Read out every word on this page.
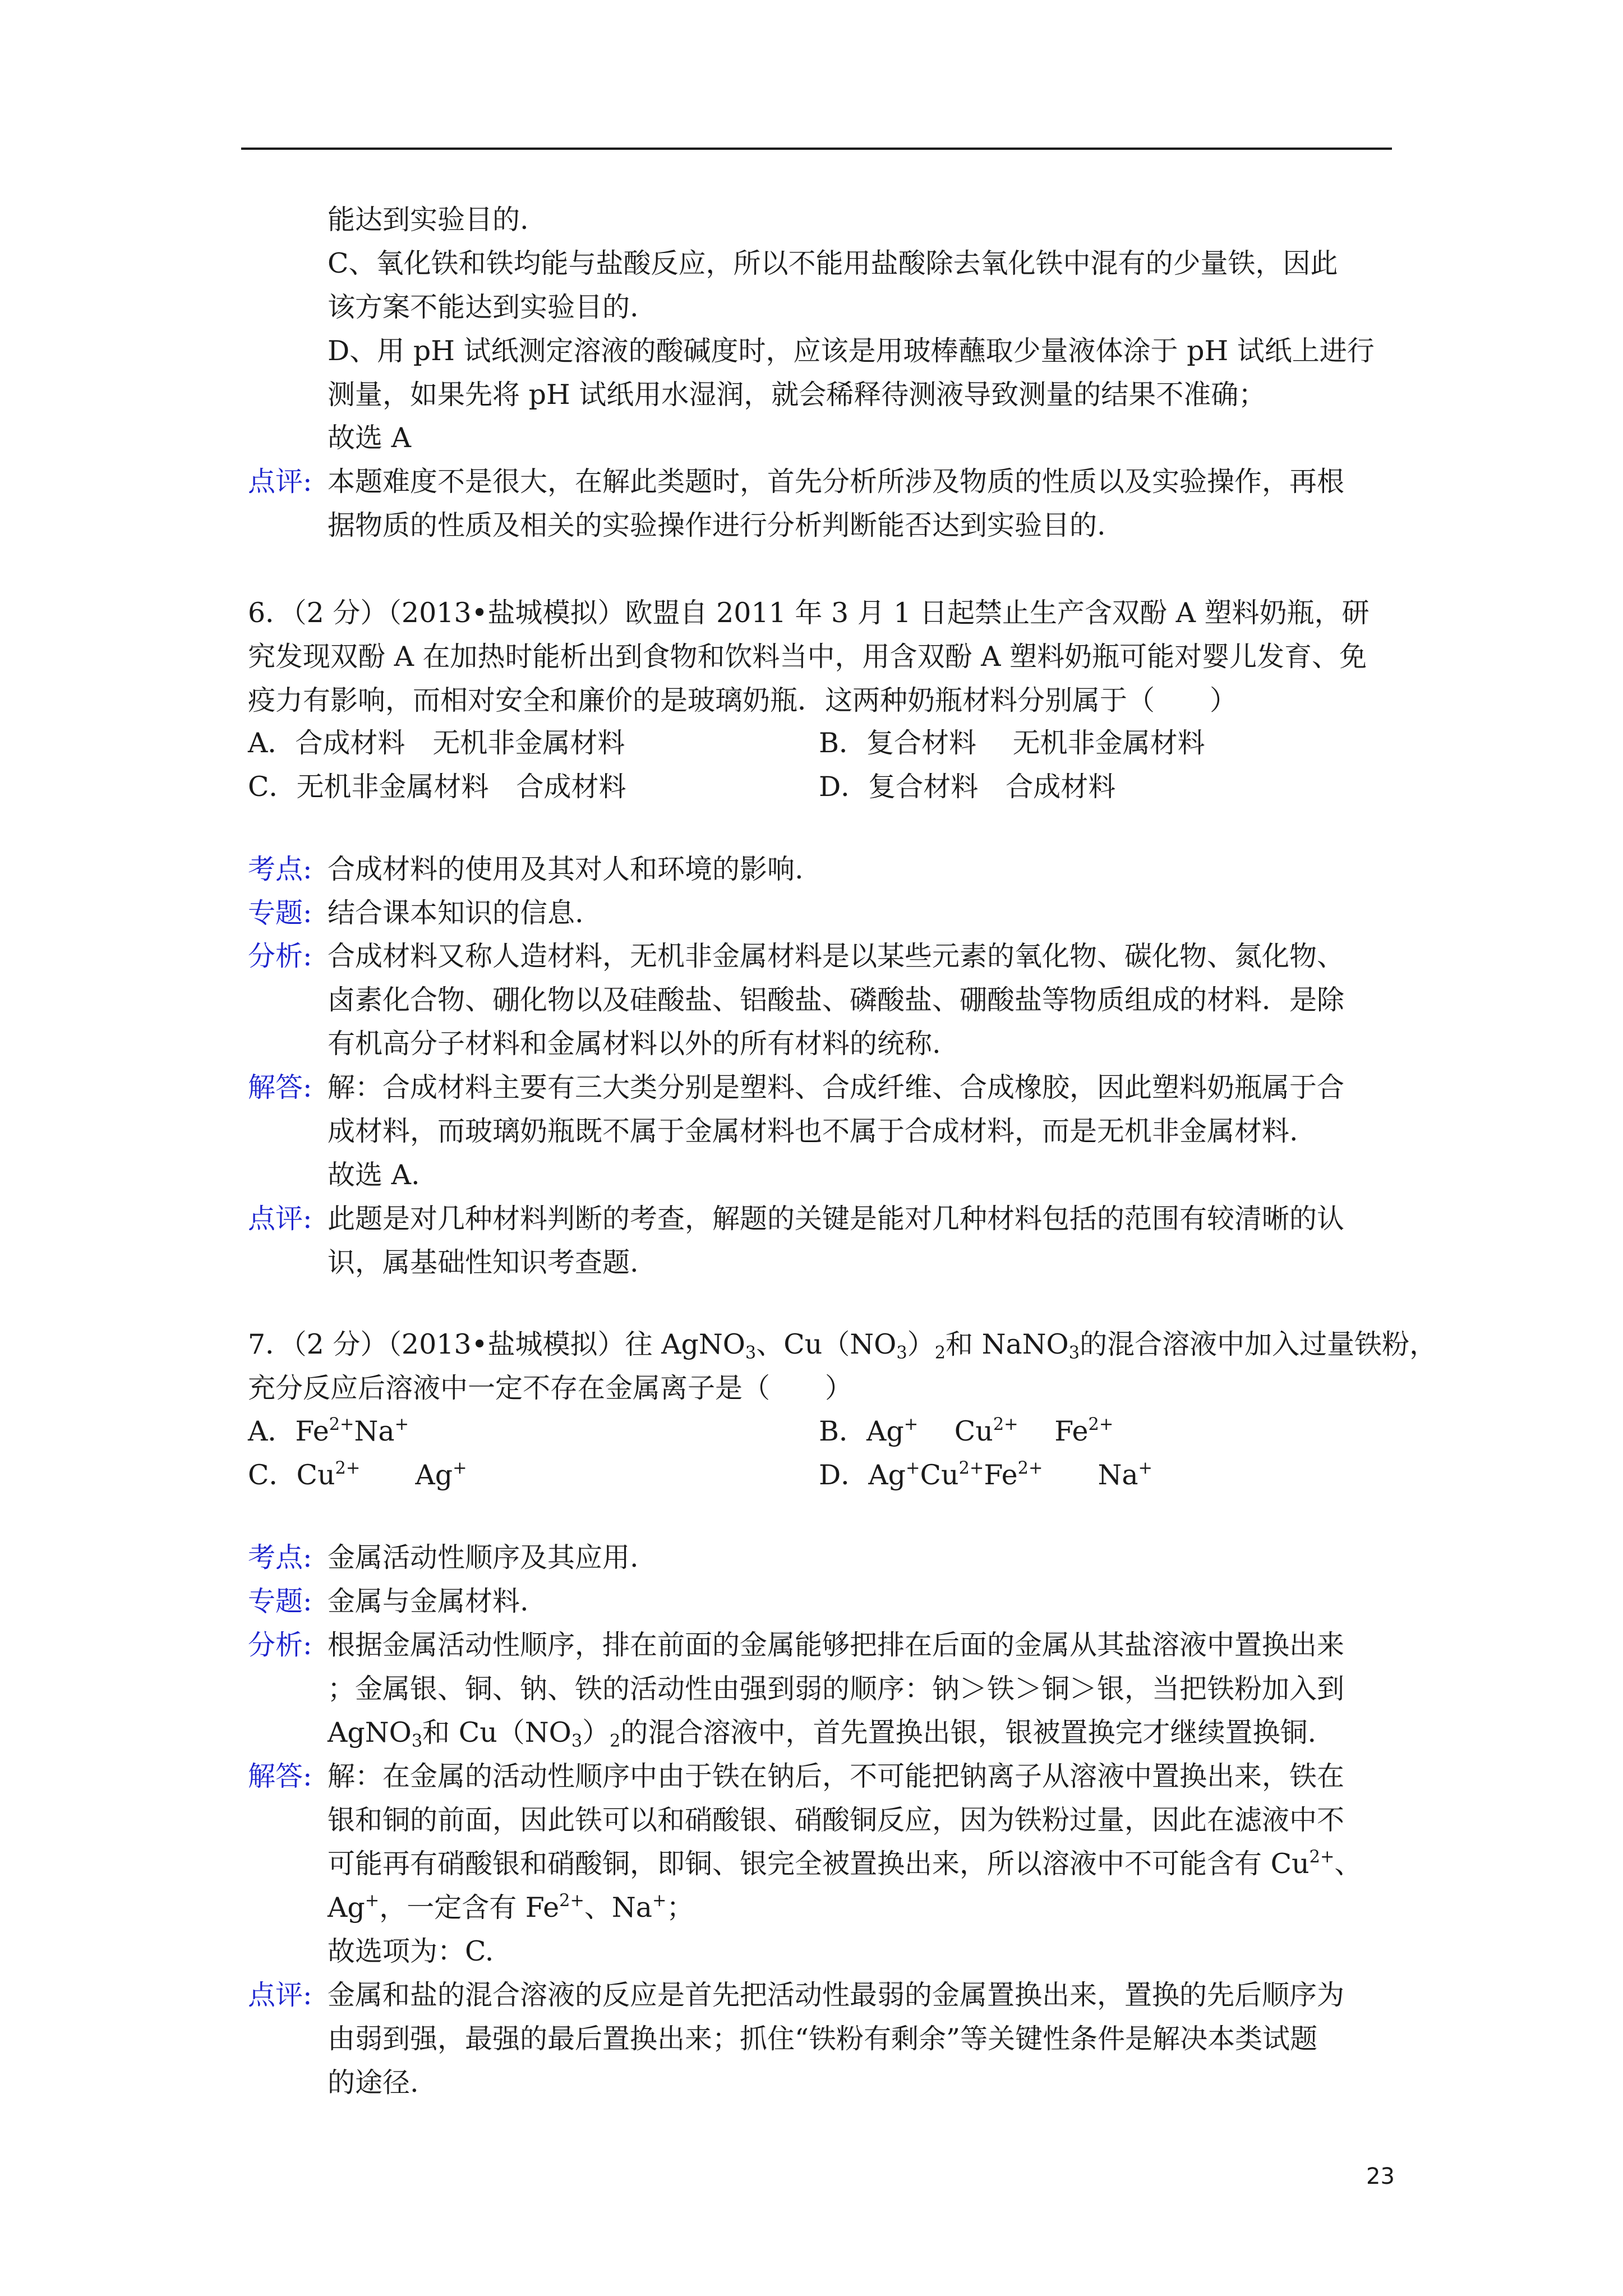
能达到实验目的.
C、氧化铁和铁均能与盐酸反应，所以不能用盐酸除去氧化铁中混有的少量铁，因此
该方案不能达到实验目的.
D、用 pH 试纸测定溶液的酸碱度时，应该是用玻棒蘸取少量液体涂于 pH 试纸上进行
测量，如果先将 pH 试纸用水湿润，就会稀释待测液导致测量的结果不准确；
故选 A
点评: 本题难度不是很大，在解此类题时，首先分析所涉及物质的性质以及实验操作，再根
据物质的性质及相关的实验操作进行分析判断能否达到实验目的.
6．（2 分）（2013•盐城模拟）欧盟自 2011 年 3 月 1 日起禁止生产含双酚 A 塑料奶瓶，研
究发现双酚 A 在加热时能析出到食物和饮料当中，用含双酚 A 塑料奶瓶可能对婴儿发育、免
疫力有影响，而相对安全和廉价的是玻璃奶瓶．这两种奶瓶材料分别属于（　　）
A．合成材料　无机非金属材料	B．复合材料　 无机非金属材料
C．无机非金属材料　合成材料	D．复合材料　合成材料
考点: 合成材料的使用及其对人和环境的影响.
专题: 结合课本知识的信息.
分析: 合成材料又称人造材料，无机非金属材料是以某些元素的氧化物、碳化物、氮化物、
卤素化合物、硼化物以及硅酸盐、铝酸盐、磷酸盐、硼酸盐等物质组成的材料．是除
有机高分子材料和金属材料以外的所有材料的统称.
解答: 解：合成材料主要有三大类分别是塑料、合成纤维、合成橡胶，因此塑料奶瓶属于合
成材料，而玻璃奶瓶既不属于金属材料也不属于合成材料，而是无机非金属材料.
故选 A.
点评: 此题是对几种材料判断的考查，解题的关键是能对几种材料包括的范围有较清晰的认
识，属基础性知识考查题.
7．（2 分）（2013•盐城模拟）往 AgNO$_3$、$Cu(NO_3)_2$和 NaNO$_3$的混合溶液中加入过量铁粉，
充分反应后溶液中一定不存在金属离子是（　　）
A．$Fe^{2+}Na^+$	B．Ag+　 $Cu^{2+}$　 $Fe^{2+}$
C．$Cu^{2+}$　　Ag+	D．$Ag^+Cu^{2+}Fe^{2+}$　　Na+
考点: 金属活动性顺序及其应用.
专题: 金属与金属材料.
分析: 根据金属活动性顺序，排在前面的金属能够把排在后面的金属从其盐溶液中置换出来
；金属银、铜、钠、铁的活动性由强到弱的顺序：钠＞铁＞铜＞银，当把铁粉加入到
AgNO$_3$和 $Cu(NO_3)_2$的混合溶液中，首先置换出银，银被置换完才继续置换铜.
解答: 解：在金属的活动性顺序中由于铁在钠后，不可能把钠离子从溶液中置换出来，铁在
银和铜的前面，因此铁可以和硝酸银、硝酸铜反应，因为铁粉过量，因此在滤液中不
可能再有硝酸银和硝酸铜，即铜、银完全被置换出来，所以溶液中不可能含有 $Cu^{2+}$、
Ag+，一定含有 $Fe^{2+}$、Na+；
故选项为：C.
点评: 金属和盐的混合溶液的反应是首先把活动性最弱的金属置换出来，置换的先后顺序为
由弱到强，最强的最后置换出来；抓住“铁粉有剩余”等关键性条件是解决本类试题
的途径.
23
